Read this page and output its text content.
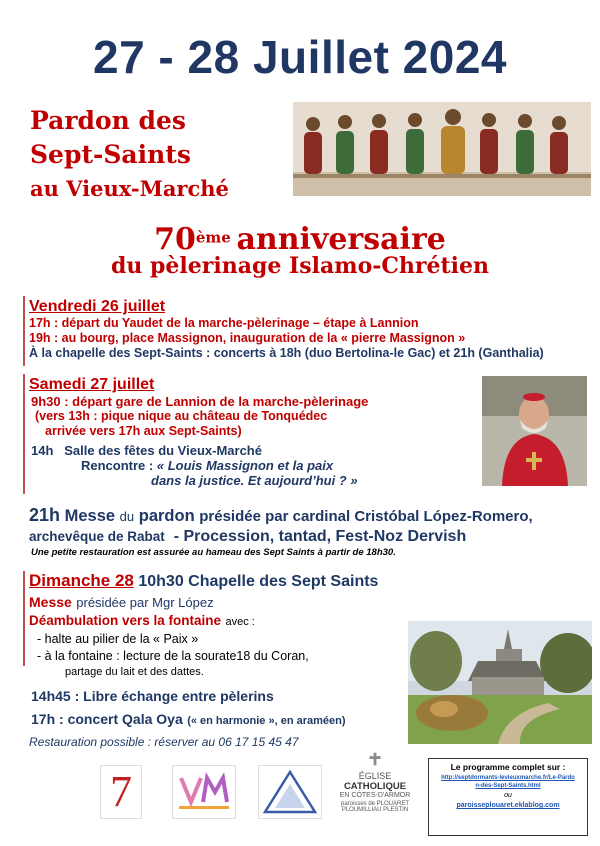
27 - 28 Juillet 2024
Pardon des
Sept-Saints
au Vieux-Marché
70ème anniversaire
du pèlerinage Islamo-Chrétien
Vendredi 26 juillet
17h : départ du Yaudet de la marche-pèlerinage – étape à Lannion
19h : au bourg, place Massignon, inauguration de la « pierre Massignon »
À la chapelle des Sept-Saints : concerts à 18h (duo Bertolina-le Gac) et 21h (Ganthalia)
Samedi 27 juillet
9h30 : départ gare de Lannion de la marche-pèlerinage
(vers 13h : pique nique au château de Tonquédec
arrivée vers 17h aux Sept-Saints)
14h Salle des fêtes du Vieux-Marché
Rencontre : « Louis Massignon et la paix
dans la justice. Et aujourd’hui ? »
21h Messe du pardon présidée par cardinal Cristóbal López-Romero,
archevêque de Rabat - Procession, tantad, Fest-Noz Dervish
Une petite restauration est assurée au hameau des Sept Saints à partir de 18h30.
Dimanche 28 10h30 Chapelle des Sept Saints
Messe présidée par Mgr López
Déambulation vers la fontaine avec :
- halte au pilier de la « Paix »
- à la fontaine : lecture de la sourate18 du Coran,
partage du lait et des dattes.
14h45 : Libre échange entre pèlerins
17h : concert Qala Oya (« en harmonie », en araméen)
Restauration possible : réserver au 06 17 15 45 47
7	ÉGLISE
CATHOLIQUE
EN CÔTES-D'ARMOR
paroisses de PLOUARET
PLOUMILLIAU PLESTIN
Le programme complet sur :
http://septdormants-levieuxmarche.fr/Le-Pardon-des-Sept-Saints.html
ou
paroisseplouaret.eklablog.com
